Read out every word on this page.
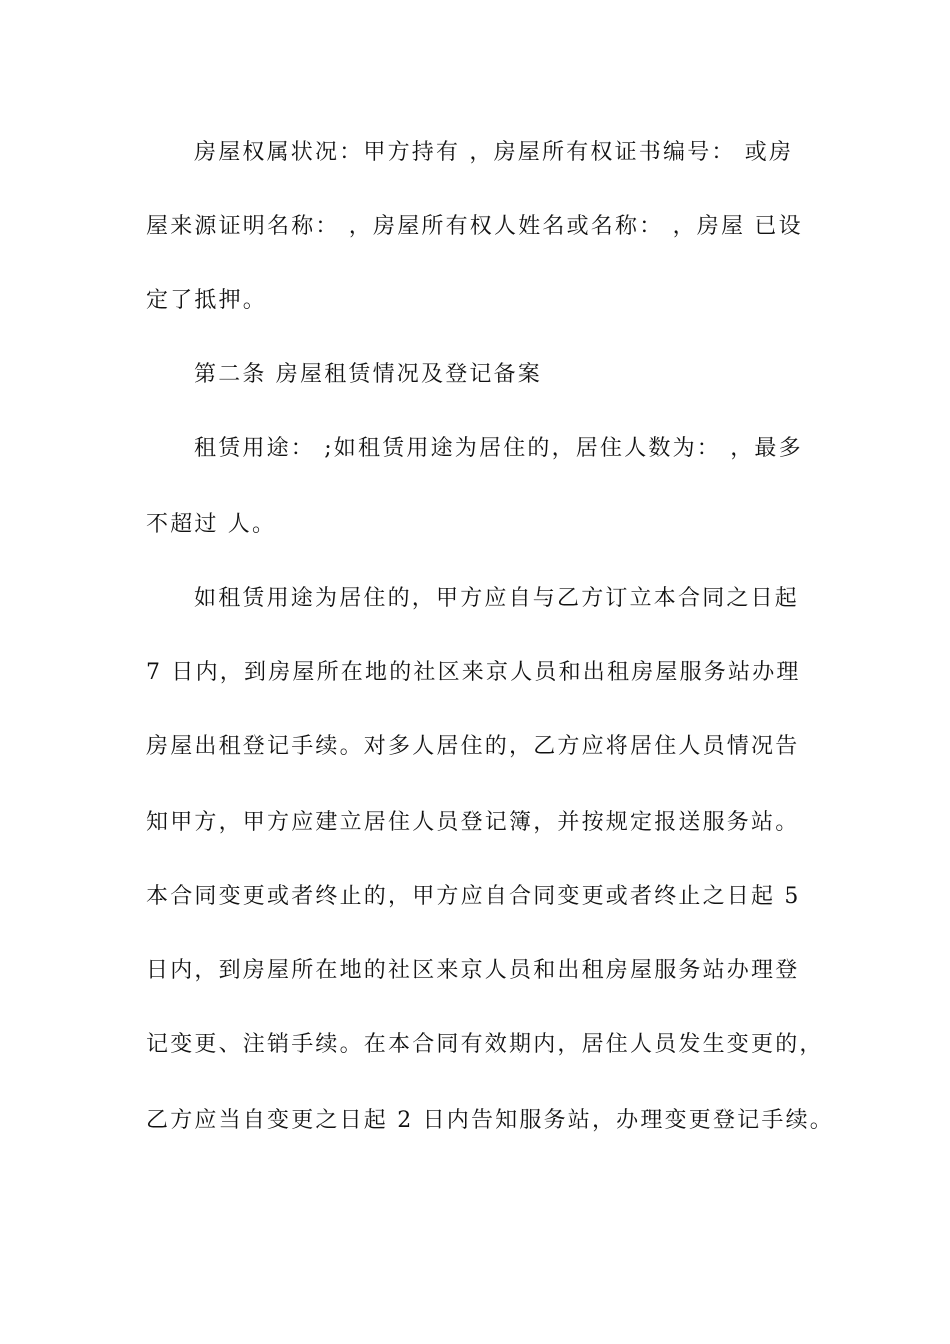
房屋权属状况：甲方持有 ，房屋所有权证书编号： 或房
屋来源证明名称： ，房屋所有权人姓名或名称： ，房屋 已设
定了抵押。
第二条 房屋租赁情况及登记备案
租赁用途： ;如租赁用途为居住的，居住人数为： ，最多
不超过 人。
如租赁用途为居住的，甲方应自与乙方订立本合同之日起
7 日内，到房屋所在地的社区来京人员和出租房屋服务站办理
房屋出租登记手续。对多人居住的，乙方应将居住人员情况告
知甲方，甲方应建立居住人员登记簿，并按规定报送服务站。
本合同变更或者终止的，甲方应自合同变更或者终止之日起 5
日内，到房屋所在地的社区来京人员和出租房屋服务站办理登
记变更、注销手续。在本合同有效期内，居住人员发生变更的，
乙方应当自变更之日起 2 日内告知服务站，办理变更登记手续。
